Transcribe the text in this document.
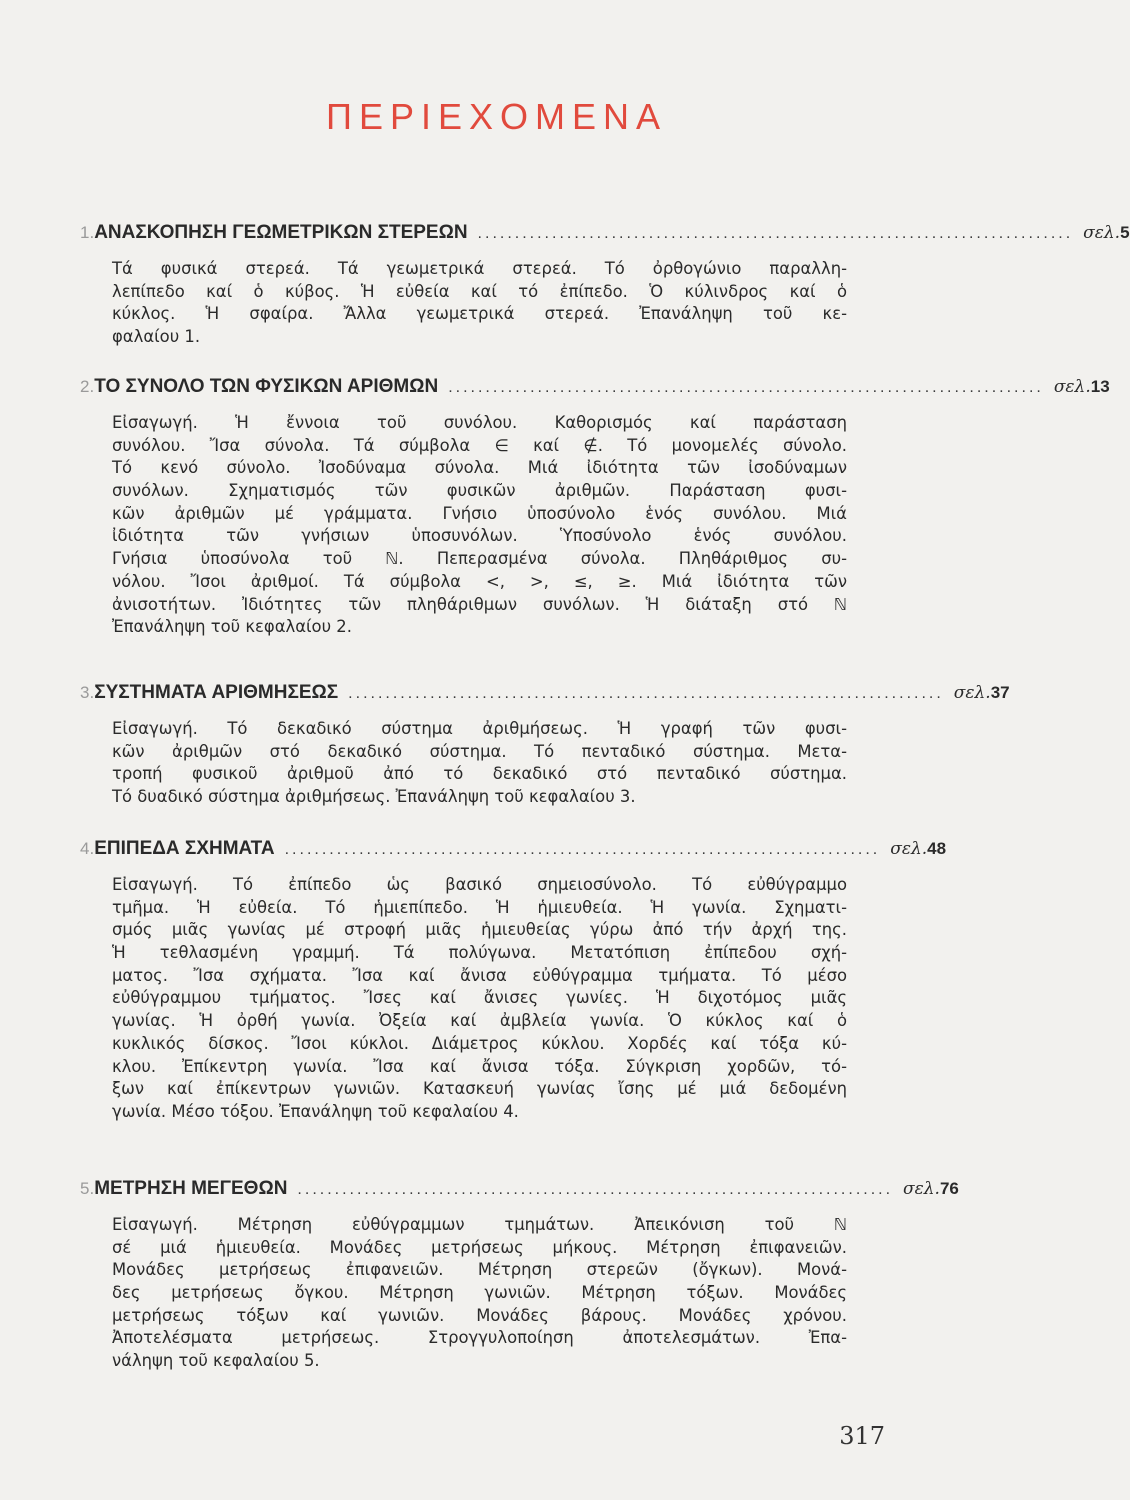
ΠΕΡΙΕΧΟΜΕΝΑ
1. ΑΝΑΣΚΟΠΗΣΗ ΓΕΩΜΕΤΡΙΚΩΝ ΣΤΕΡΕΩΝ ................................................................................ σελ. 5
Τά φυσικά στερεά. Τά γεωμετρικά στερεά. Τό ὀρθογώνιο παραλλη-
λεπίπεδο καί ὁ κύβος. Ἡ εὐθεία καί τό ἐπίπεδο. Ὁ κύλινδρος καί ὁ
κύκλος. Ἡ σφαίρα. Ἄλλα γεωμετρικά στερεά. Ἐπανάληψη τοῦ κε-
φαλαίου 1.
2. ΤΟ ΣΥΝΟΛΟ ΤΩΝ ΦΥΣΙΚΩΝ ΑΡΙΘΜΩΝ ................................................................................ σελ. 13
Εἰσαγωγή. Ἡ ἔννοια τοῦ συνόλου. Καθορισμός καί παράσταση
συνόλου. Ἴσα σύνολα. Τά σύμβολα ∈ καί ∉. Τό μονομελές σύνολο.
Τό κενό σύνολο. Ἰσοδύναμα σύνολα. Μιά ἰδιότητα τῶν ἰσοδύναμων
συνόλων. Σχηματισμός τῶν φυσικῶν ἀριθμῶν. Παράσταση φυσι-
κῶν ἀριθμῶν μέ γράμματα. Γνήσιο ὑποσύνολο ἑνός συνόλου. Μιά
ἰδιότητα τῶν γνήσιων ὑποσυνόλων. Ὑποσύνολο ἑνός συνόλου.
Γνήσια ὑποσύνολα τοῦ ℕ. Πεπερασμένα σύνολα. Πληθάριθμος συ-
νόλου. Ἴσοι ἀριθμοί. Τά σύμβολα <, >, ≤, ≥. Μιά ἰδιότητα τῶν
ἀνισοτήτων. Ἰδιότητες τῶν πληθάριθμων συνόλων. Ἡ διάταξη στό ℕ
Ἐπανάληψη τοῦ κεφαλαίου 2.
3. ΣΥΣΤΗΜΑΤΑ ΑΡΙΘΜΗΣΕΩΣ ................................................................................ σελ. 37
Εἰσαγωγή. Τό δεκαδικό σύστημα ἀριθμήσεως. Ἡ γραφή τῶν φυσι-
κῶν ἀριθμῶν στό δεκαδικό σύστημα. Τό πενταδικό σύστημα. Μετα-
τροπή φυσικοῦ ἀριθμοῦ ἀπό τό δεκαδικό στό πενταδικό σύστημα.
Τό δυαδικό σύστημα ἀριθμήσεως. Ἐπανάληψη τοῦ κεφαλαίου 3.
4. ΕΠΙΠΕΔΑ ΣΧΗΜΑΤΑ ................................................................................ σελ. 48
Εἰσαγωγή. Τό ἐπίπεδο ὡς βασικό σημειοσύνολο. Τό εὐθύγραμμο
τμῆμα. Ἡ εὐθεία. Τό ἡμιεπίπεδο. Ἡ ἡμιευθεία. Ἡ γωνία. Σχηματι-
σμός μιᾶς γωνίας μέ στροφή μιᾶς ἡμιευθείας γύρω ἀπό τήν ἀρχή της.
Ἡ τεθλασμένη γραμμή. Τά πολύγωνα. Μετατόπιση ἐπίπεδου σχή-
ματος. Ἴσα σχήματα. Ἴσα καί ἄνισα εὐθύγραμμα τμήματα. Τό μέσο
εὐθύγραμμου τμήματος. Ἴσες καί ἄνισες γωνίες. Ἡ διχοτόμος μιᾶς
γωνίας. Ἡ ὀρθή γωνία. Ὀξεία καί ἀμβλεία γωνία. Ὁ κύκλος καί ὁ
κυκλικός δίσκος. Ἴσοι κύκλοι. Διάμετρος κύκλου. Χορδές καί τόξα κύ-
κλου. Ἐπίκεντρη γωνία. Ἴσα καί ἄνισα τόξα. Σύγκριση χορδῶν, τό-
ξων καί ἐπίκεντρων γωνιῶν. Κατασκευή γωνίας ἴσης μέ μιά δεδομένη
γωνία. Μέσο τόξου. Ἐπανάληψη τοῦ κεφαλαίου 4.
5. ΜΕΤΡΗΣΗ ΜΕΓΕΘΩΝ ................................................................................ σελ. 76
Εἰσαγωγή. Μέτρηση εὐθύγραμμων τμημάτων. Ἀπεικόνιση τοῦ ℕ
σέ μιά ἡμιευθεία. Μονάδες μετρήσεως μήκους. Μέτρηση ἐπιφανειῶν.
Μονάδες μετρήσεως ἐπιφανειῶν. Μέτρηση στερεῶν (ὄγκων). Μονά-
δες μετρήσεως ὄγκου. Μέτρηση γωνιῶν. Μέτρηση τόξων. Μονάδες
μετρήσεως τόξων καί γωνιῶν. Μονάδες βάρους. Μονάδες χρόνου.
Ἀποτελέσματα μετρήσεως. Στρογγυλοποίηση ἀποτελεσμάτων. Ἐπα-
νάληψη τοῦ κεφαλαίου 5.
317
